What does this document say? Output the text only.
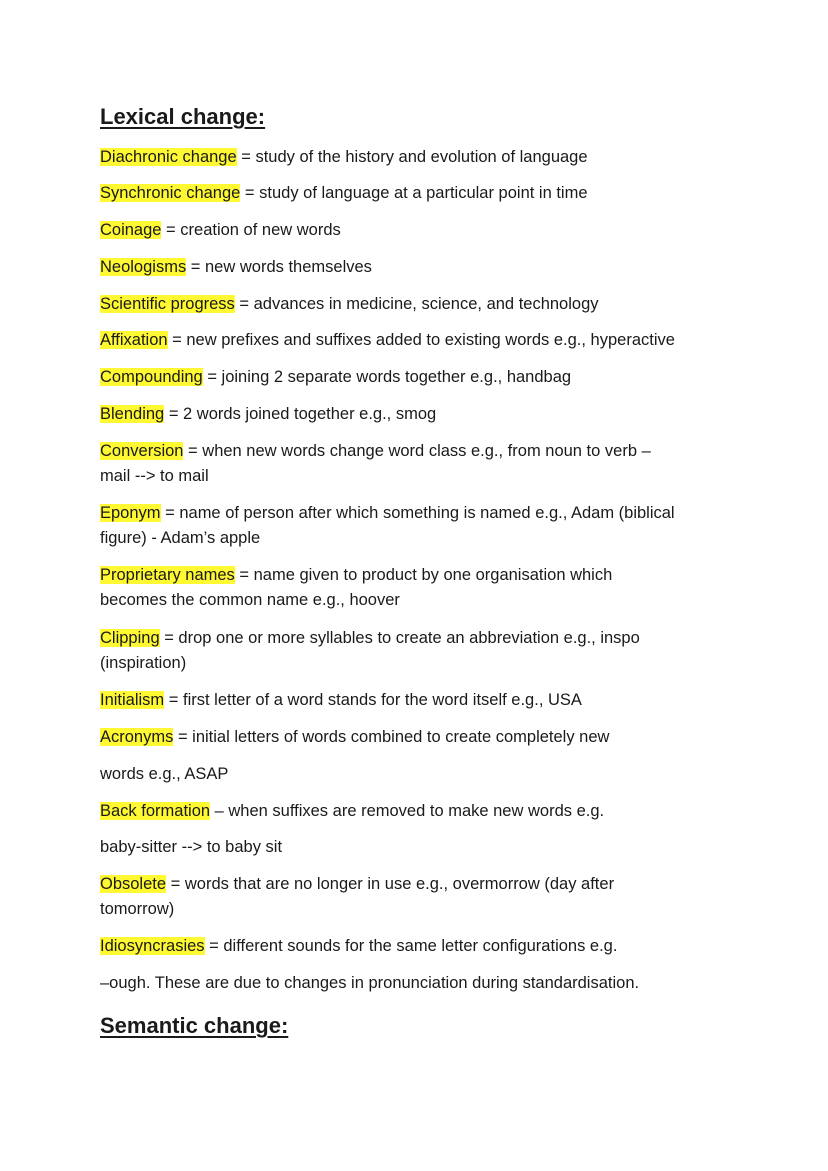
Lexical change:
Diachronic change = study of the history and evolution of language
Synchronic change = study of language at a particular point in time
Coinage = creation of new words
Neologisms = new words themselves
Scientific progress = advances in medicine, science, and technology
Affixation = new prefixes and suffixes added to existing words e.g., hyperactive
Compounding = joining 2 separate words together e.g., handbag
Blending = 2 words joined together e.g., smog
Conversion = when new words change word class e.g., from noun to verb –
mail --> to mail
Eponym = name of person after which something is named e.g., Adam (biblical
figure) - Adam’s apple
Proprietary names = name given to product by one organisation which
becomes the common name e.g., hoover
Clipping = drop one or more syllables to create an abbreviation e.g., inspo
(inspiration)
Initialism = first letter of a word stands for the word itself e.g., USA
Acronyms = initial letters of words combined to create completely new
words e.g., ASAP
Back formation – when suffixes are removed to make new words e.g.
baby-sitter --> to baby sit
Obsolete = words that are no longer in use e.g., overmorrow (day after
tomorrow)
Idiosyncrasies = different sounds for the same letter configurations e.g.
–ough. These are due to changes in pronunciation during standardisation.
Semantic change:
